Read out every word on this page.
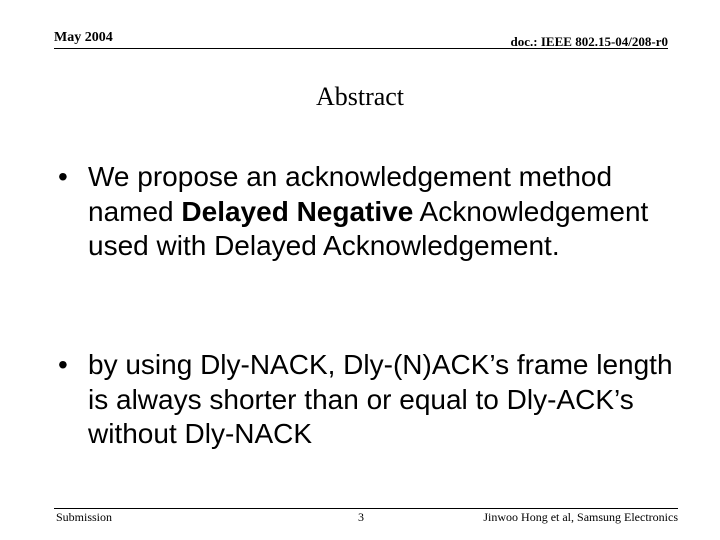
May 2004	doc.: IEEE 802.15-04/208-r0
Abstract
• We propose an acknowledgement method named Delayed Negative Acknowledgement used with Delayed Acknowledgement.
• by using Dly-NACK, Dly-(N)ACK’s frame length is always shorter than or equal to Dly-ACK’s without Dly-NACK
Submission	3	Jinwoo Hong et al, Samsung Electronics
